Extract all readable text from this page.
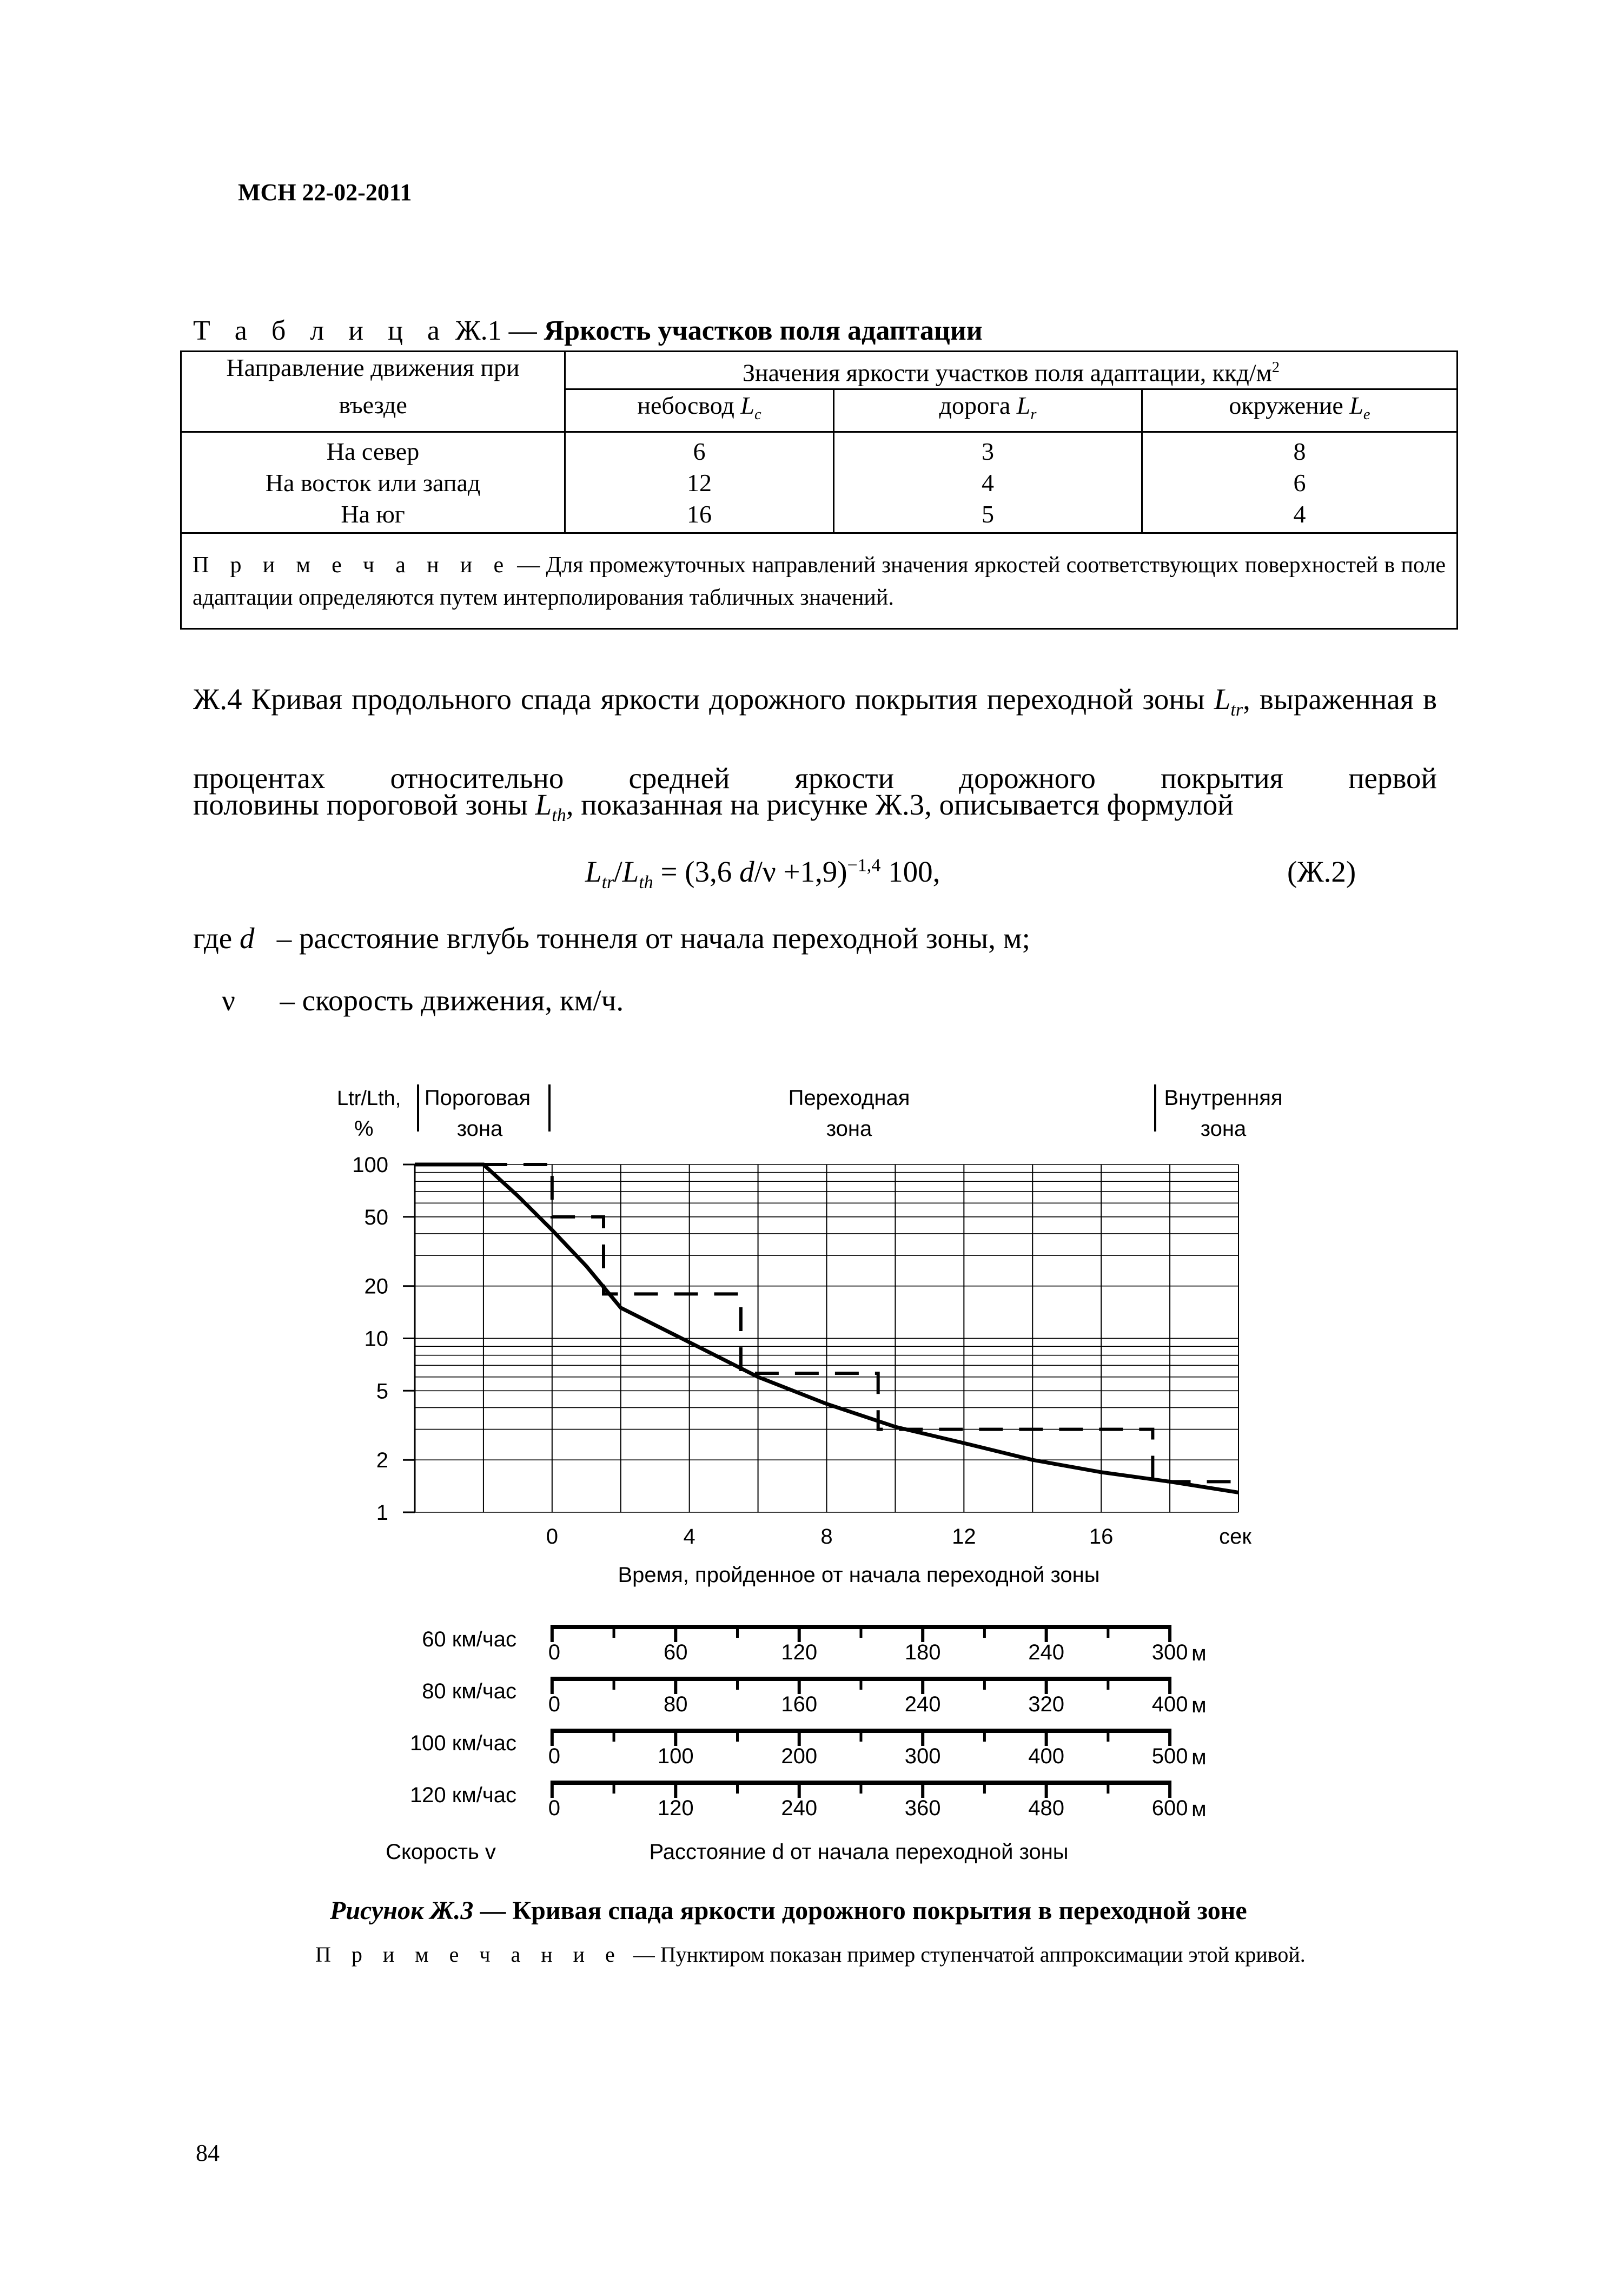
МСН 22-02-2011
Т а б л и ц а Ж.1 — Яркость участков поля адаптации
Направление движения при	Значения яркости участков поля адаптации, ккд/$м^2$
въезде	небосвод $L_c$	дорога $L_r$	окружение $L_e$
На север	6	3	8
На восток или запад	12	4	6
На юг	16	5	4
П р и м е ч а н и е — Для промежуточных направлений значения яркостей соответствующих поверхностей в поле адаптации определяются путем интерполирования табличных значений.			
Ж.4 Кривая продольного спада яркости дорожного покрытия переходной зоны $L_{tr}$, выраженная в процентах относительно средней яркости дорожного покрытия первой
половины пороговой зоны $L_{th}$, показанная на рисунке Ж.3, описывается формулой
$L_{tr}/L_{th} = (3,6$ d/ν +1,9)$^{-1,4}$ 100,	(Ж.2)
где d   – расстояние вглубь тоннеля от начала переходной зоны, м;
ν      – скорость движения, км/ч.
Ltr/Lth,
%
Пороговая
зона
Переходная
зона
Внутренняя
зона
100
50
20
10
5
2
1
0	4	8	12	16	сек
Время, пройденное от начала переходной зоны
60 км/час
0	60	120	180	240	300 м
80 км/час
0	80	160	240	320	400 м
100 км/час
0	100	200	300	400	500 м
120 км/час
0	120	240	360	480	600 м
Скорость v	Расстояние d от начала переходной зоны
Рисунок Ж.3 — Кривая спада яркости дорожного покрытия в переходной зоне
П р и м е ч а н и е  — Пунктиром показан пример ступенчатой аппроксимации этой кривой.
84
